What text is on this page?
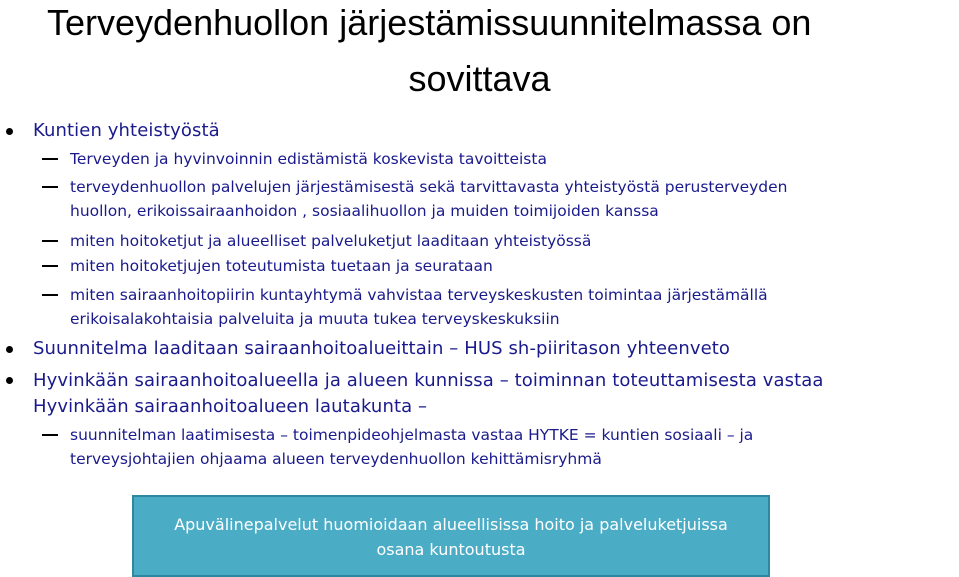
Terveydenhuollon järjestämissuunnitelmassa on
sovittava
Kuntien yhteistyöstä
Terveyden ja hyvinvoinnin edistämistä koskevista tavoitteista
terveydenhuollon palvelujen järjestämisestä sekä tarvittavasta yhteistyöstä perusterveyden
huollon, erikoissairaanhoidon , sosiaalihuollon ja muiden toimijoiden kanssa
miten hoitoketjut ja alueelliset palveluketjut laaditaan yhteistyössä
miten hoitoketjujen toteutumista tuetaan ja seurataan
miten sairaanhoitopiirin kuntayhtymä vahvistaa terveyskeskusten toimintaa järjestämällä
erikoisalakohtaisia palveluita ja muuta tukea terveyskeskuksiin
Suunnitelma laaditaan sairaanhoitoalueittain – HUS sh-piiritason yhteenveto
Hyvinkään sairaanhoitoalueella ja alueen kunnissa – toiminnan toteuttamisesta vastaa
Hyvinkään sairaanhoitoalueen lautakunta –
suunnitelman laatimisesta – toimenpideohjelmasta vastaa HYTKE = kuntien sosiaali – ja
terveysjohtajien ohjaama alueen terveydenhuollon kehittämisryhmä
Apuvälinepalvelut huomioidaan alueellisissa hoito ja palveluketjuissa
osana kuntoutusta
